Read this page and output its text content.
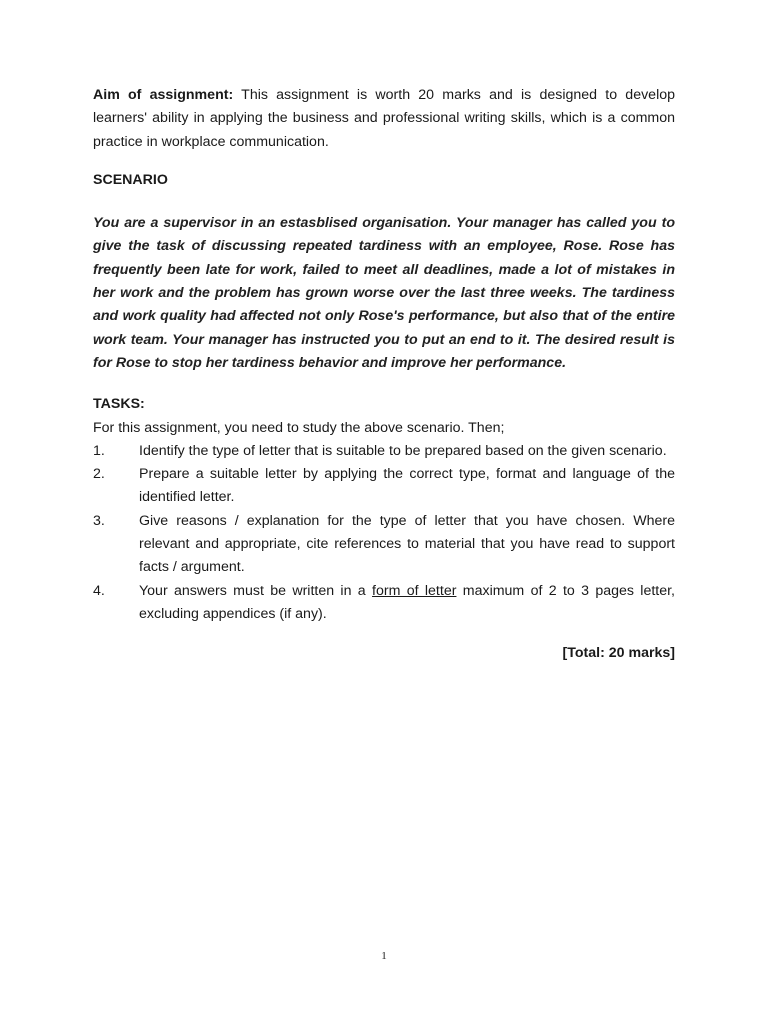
Aim of assignment: This assignment is worth 20 marks and is designed to develop learners' ability in applying the business and professional writing skills, which is a common practice in workplace communication.

SCENARIO

You are a supervisor in an estasblised organisation. Your manager has called you to give the task of discussing repeated tardiness with an employee, Rose. Rose has frequently been late for work, failed to meet all deadlines, made a lot of mistakes in her work and the problem has grown worse over the last three weeks. The tardiness and work quality had affected not only Rose's performance, but also that of the entire work team. Your manager has instructed you to put an end to it. The desired result is for Rose to stop her tardiness behavior and improve her performance.

TASKS:

For this assignment, you need to study the above scenario. Then;

1.	Identify the type of letter that is suitable to be prepared based on the given scenario.
2.	Prepare a suitable letter by applying the correct type, format and language of the identified letter.
3.	Give reasons / explanation for the type of letter that you have chosen. Where relevant and appropriate, cite references to material that you have read to support facts / argument.
4.	Your answers must be written in a form of letter maximum of 2 to 3 pages letter, excluding appendices (if any).

[Total: 20 marks]

1
